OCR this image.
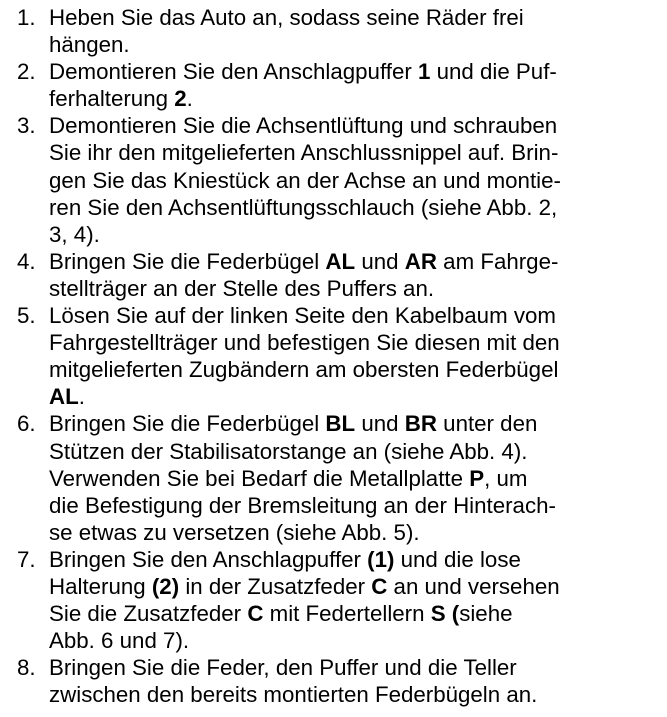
1. Heben Sie das Auto an, sodass seine Räder frei
hängen.
2. Demontieren Sie den Anschlagpuffer 1 und die Puf-
ferhalterung 2.
3. Demontieren Sie die Achsentlüftung und schrauben
Sie ihr den mitgelieferten Anschlussnippel auf. Brin-
gen Sie das Kniestück an der Achse an und montie-
ren Sie den Achsentlüftungsschlauch (siehe Abb. 2,
3, 4).
4. Bringen Sie die Federbügel AL und AR am Fahrge-
stellträger an der Stelle des Puffers an.
5. Lösen Sie auf der linken Seite den Kabelbaum vom
Fahrgestellträger und befestigen Sie diesen mit den
mitgelieferten Zugbändern am obersten Federbügel
AL.
6. Bringen Sie die Federbügel BL und BR unter den
Stützen der Stabilisatorstange an (siehe Abb. 4).
Verwenden Sie bei Bedarf die Metallplatte P, um
die Befestigung der Bremsleitung an der Hinterach-
se etwas zu versetzen (siehe Abb. 5).
7. Bringen Sie den Anschlagpuffer (1) und die lose
Halterung (2) in der Zusatzfeder C an und versehen
Sie die Zusatzfeder C mit Federtellern S (siehe
Abb. 6 und 7).
8. Bringen Sie die Feder, den Puffer und die Teller
zwischen den bereits montierten Federbügeln an.
